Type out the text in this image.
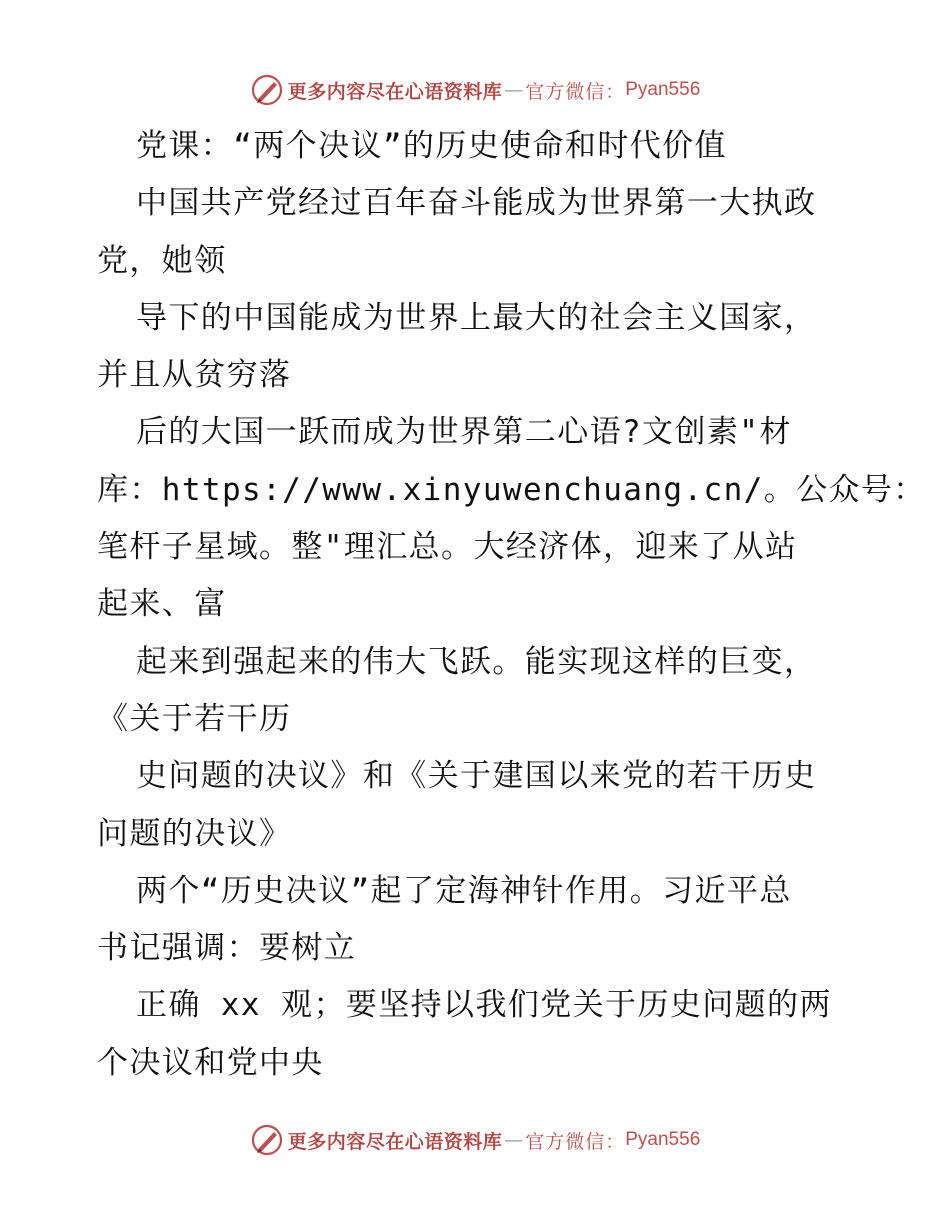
更多内容尽在心语资料库 — 官方微信： Pyan556
党课：“两个决议”的历史使命和时代价值
中国共产党经过百年奋斗能成为世界第一大执政
党，她领
导下的中国能成为世界上最大的社会主义国家，
并且从贫穷落
后的大国一跃而成为世界第二心语?文创素"材
库：https://www.xinyuwenchuang.cn/。公众号：
笔杆子星域。整"理汇总。大经济体，迎来了从站
起来、富
起来到强起来的伟大飞跃。能实现这样的巨变，
《关于若干历
史问题的决议》和《关于建国以来党的若干历史
问题的决议》
两个“历史决议”起了定海神针作用。习近平总
书记强调：要树立
正确 xx 观；要坚持以我们党关于历史问题的两
个决议和党中央
更多内容尽在心语资料库 — 官方微信： Pyan556
